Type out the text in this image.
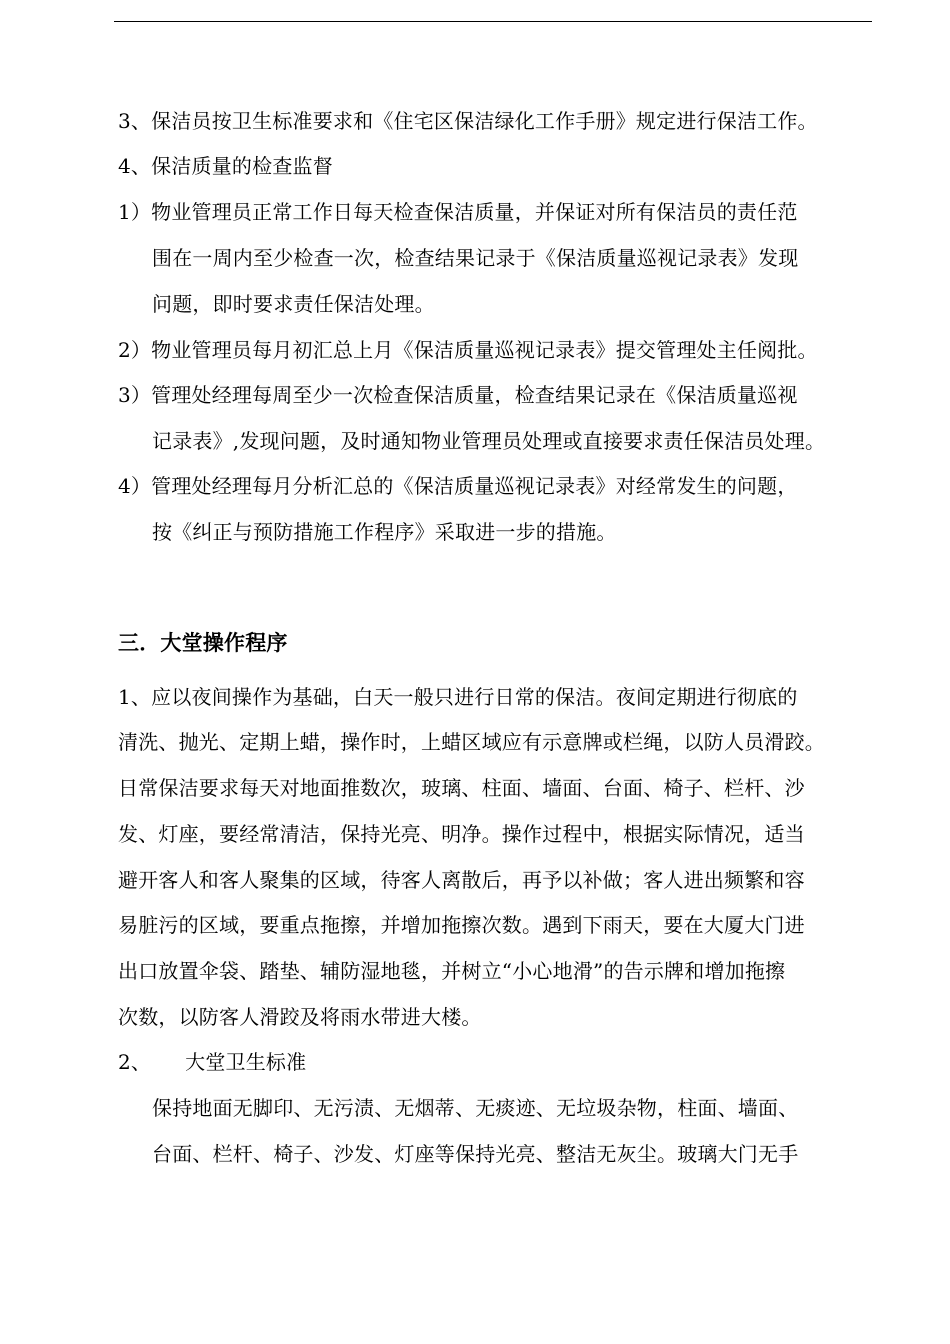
3、保洁员按卫生标准要求和《住宅区保洁绿化工作手册》规定进行保洁工作。
4、保洁质量的检查监督
1）物业管理员正常工作日每天检查保洁质量，并保证对所有保洁员的责任范
围在一周内至少检查一次，检查结果记录于《保洁质量巡视记录表》发现
问题，即时要求责任保洁处理。
2）物业管理员每月初汇总上月《保洁质量巡视记录表》提交管理处主任阅批。
3）管理处经理每周至少一次检查保洁质量，检查结果记录在《保洁质量巡视
记录表》,发现问题，及时通知物业管理员处理或直接要求责任保洁员处理。
4）管理处经理每月分析汇总的《保洁质量巡视记录表》对经常发生的问题，
按《纠正与预防措施工作程序》采取进一步的措施。
三．大堂操作程序
1、应以夜间操作为基础，白天一般只进行日常的保洁。夜间定期进行彻底的
清洗、抛光、定期上蜡，操作时，上蜡区域应有示意牌或栏绳，以防人员滑跤。
日常保洁要求每天对地面推数次，玻璃、柱面、墙面、台面、椅子、栏杆、沙
发、灯座，要经常清洁，保持光亮、明净。操作过程中，根据实际情况，适当
避开客人和客人聚集的区域，待客人离散后，再予以补做；客人进出频繁和容
易脏污的区域，要重点拖擦，并增加拖擦次数。遇到下雨天，要在大厦大门进
出口放置伞袋、踏垫、辅防湿地毯，并树立“小心地滑”的告示牌和增加拖擦
次数，以防客人滑跤及将雨水带进大楼。
2、 大堂卫生标准
保持地面无脚印、无污渍、无烟蒂、无痰迹、无垃圾杂物，柱面、墙面、
台面、栏杆、椅子、沙发、灯座等保持光亮、整洁无灰尘。玻璃大门无手
